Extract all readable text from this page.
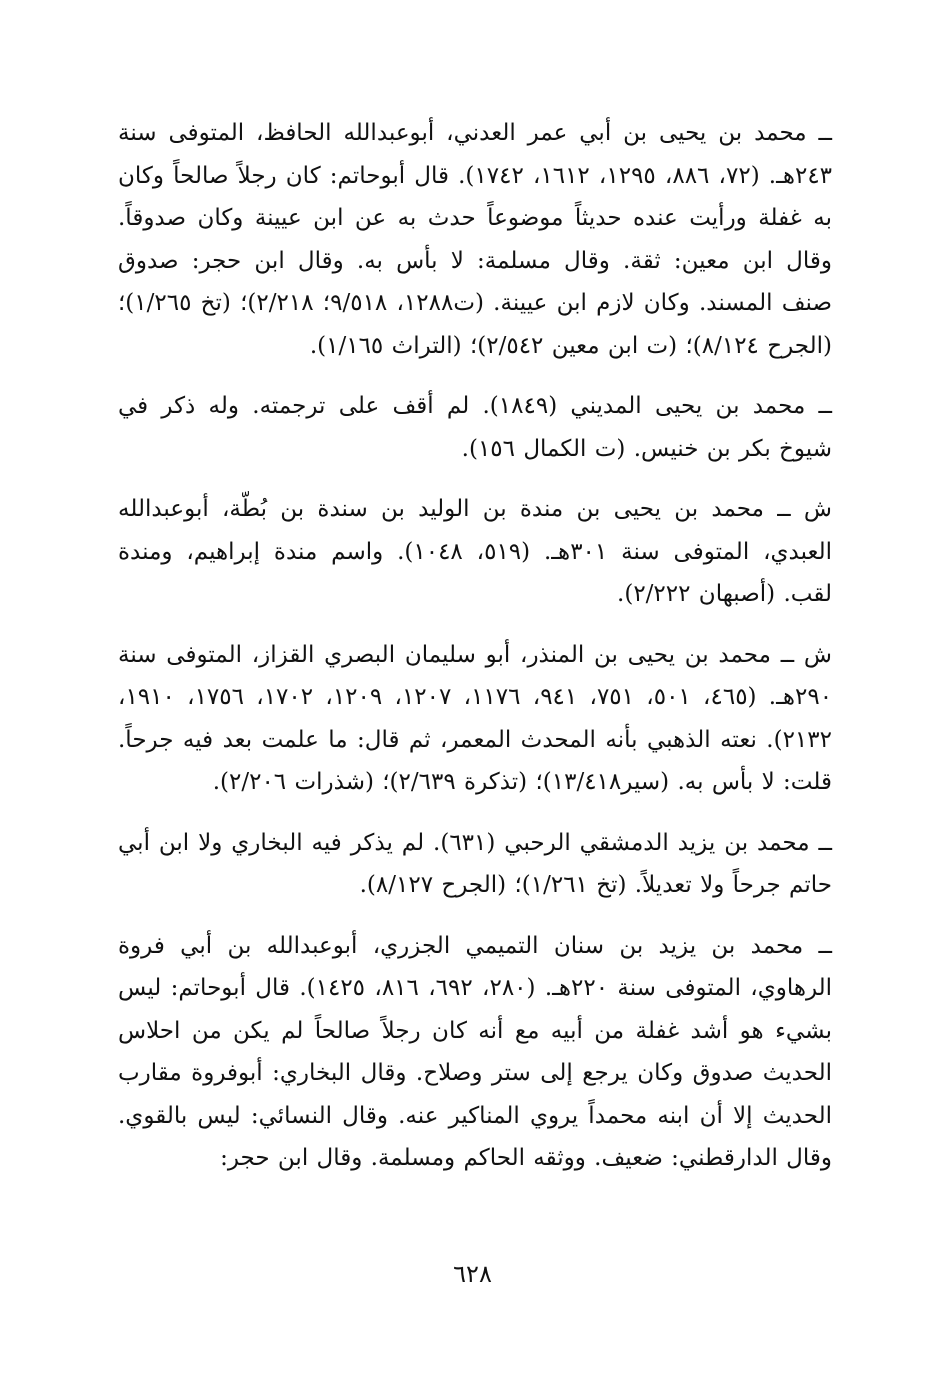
ــ محمد بن يحيى بن أبي عمر العدني، أبوعبدالله الحافظ، المتوفى سنة ٢٤٣هـ. (٧٢، ٨٨٦، ١٢٩٥، ١٦١٢، ١٧٤٢). قال أبوحاتم: كان رجلاً صالحاً وكان به غفلة ورأيت عنده حديثاً موضوعاً حدث به عن ابن عيينة وكان صدوقاً. وقال ابن معين: ثقة. وقال مسلمة: لا بأس به. وقال ابن حجر: صدوق صنف المسند. وكان لازم ابن عيينة. (ت١٢٨٨، ٩/٥١٨؛ ٢/٢١٨)؛ (تخ ١/٢٦٥)؛ (الجرح ٨/١٢٤)؛ (ت ابن معين ٢/٥٤٢)؛ (التراث ١/١٦٥).

ــ محمد بن يحيى المديني (١٨٤٩). لم أقف على ترجمته. وله ذكر في شيوخ بكر بن خنيس. (ت الكمال ١٥٦).

ش ــ محمد بن يحيى بن مندة بن الوليد بن سندة بن بُطّة، أبوعبدالله العبدي، المتوفى سنة ٣٠١هـ. (٥١٩، ١٠٤٨). واسم مندة إبراهيم، ومندة لقب. (أصبهان ٢/٢٢٢).

ش ــ محمد بن يحيى بن المنذر، أبو سليمان البصري القزاز، المتوفى سنة ٢٩٠هـ. (٤٦٥، ٥٠١، ٧٥١، ٩٤١، ١١٧٦، ١٢٠٧، ١٢٠٩، ١٧٠٢، ١٧٥٦، ١٩١٠، ٢١٣٢). نعته الذهبي بأنه المحدث المعمر، ثم قال: ما علمت بعد فيه جرحاً. قلت: لا بأس به. (سير١٣/٤١٨)؛ (تذكرة ٢/٦٣٩)؛ (شذرات ٢/٢٠٦).

ــ محمد بن يزيد الدمشقي الرحبي (٦٣١). لم يذكر فيه البخاري ولا ابن أبي حاتم جرحاً ولا تعديلاً. (تخ ١/٢٦١)؛ (الجرح ٨/١٢٧).

ــ محمد بن يزيد بن سنان التميمي الجزري، أبوعبدالله بن أبي فروة الرهاوي، المتوفى سنة ٢٢٠هـ. (٢٨٠، ٦٩٢، ٨١٦، ١٤٢٥). قال أبوحاتم: ليس بشيء هو أشد غفلة من أبيه مع أنه كان رجلاً صالحاً لم يكن من احلاس الحديث صدوق وكان يرجع إلى ستر وصلاح. وقال البخاري: أبوفروة مقارب الحديث إلا أن ابنه محمداً يروي المناكير عنه. وقال النسائي: ليس بالقوي. وقال الدارقطني: ضعيف. ووثقه الحاكم ومسلمة. وقال ابن حجر:

٦٢٨
